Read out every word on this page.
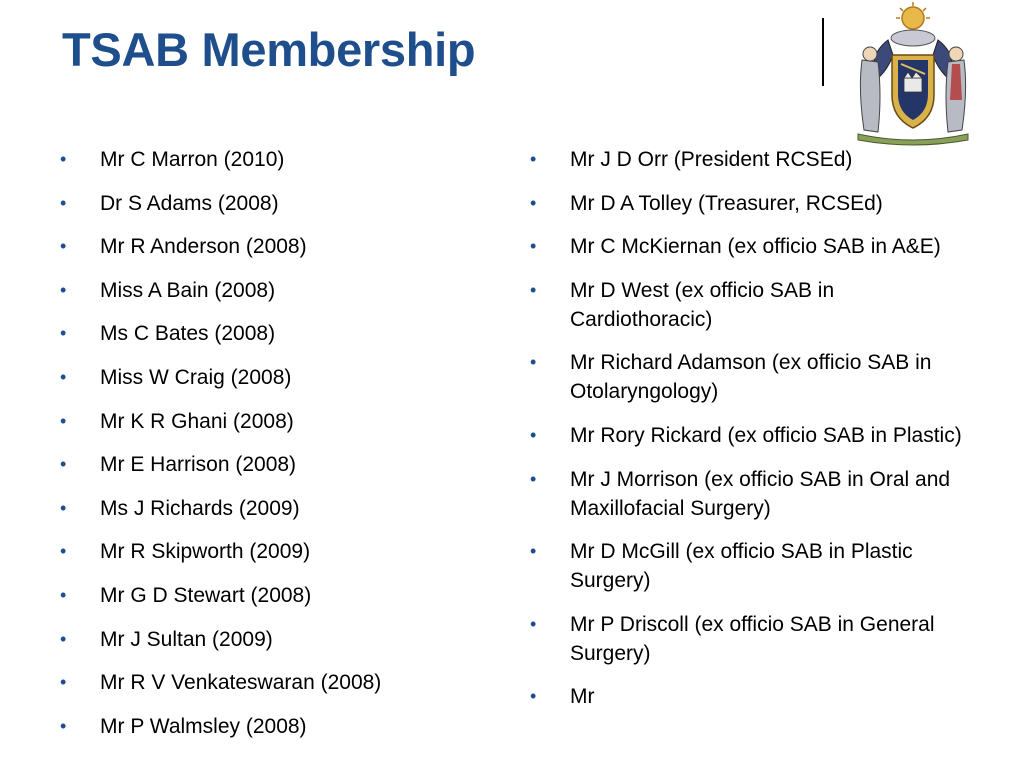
TSAB Membership
• Mr C Marron (2010)
• Dr S Adams (2008)
• Mr R Anderson (2008)
• Miss A Bain (2008)
• Ms C Bates (2008)
• Miss W Craig (2008)
• Mr K R Ghani (2008)
• Mr E Harrison (2008)
• Ms J Richards (2009)
• Mr R Skipworth (2009)
• Mr G D Stewart (2008)
• Mr J Sultan (2009)
• Mr R V Venkateswaran (2008)
• Mr P Walmsley (2008)
• Mr J D Orr (President RCSEd)
• Mr D A Tolley (Treasurer, RCSEd)
• Mr C McKiernan (ex officio SAB in A&E)
• Mr D West (ex officio SAB in Cardiothoracic)
• Mr Richard Adamson (ex officio SAB in Otolaryngology)
• Mr Rory Rickard (ex officio SAB in Plastic)
• Mr J Morrison (ex officio SAB in Oral and Maxillofacial Surgery)
• Mr D McGill (ex officio SAB in Plastic Surgery)
• Mr P Driscoll (ex officio SAB in General Surgery)
• Mr
